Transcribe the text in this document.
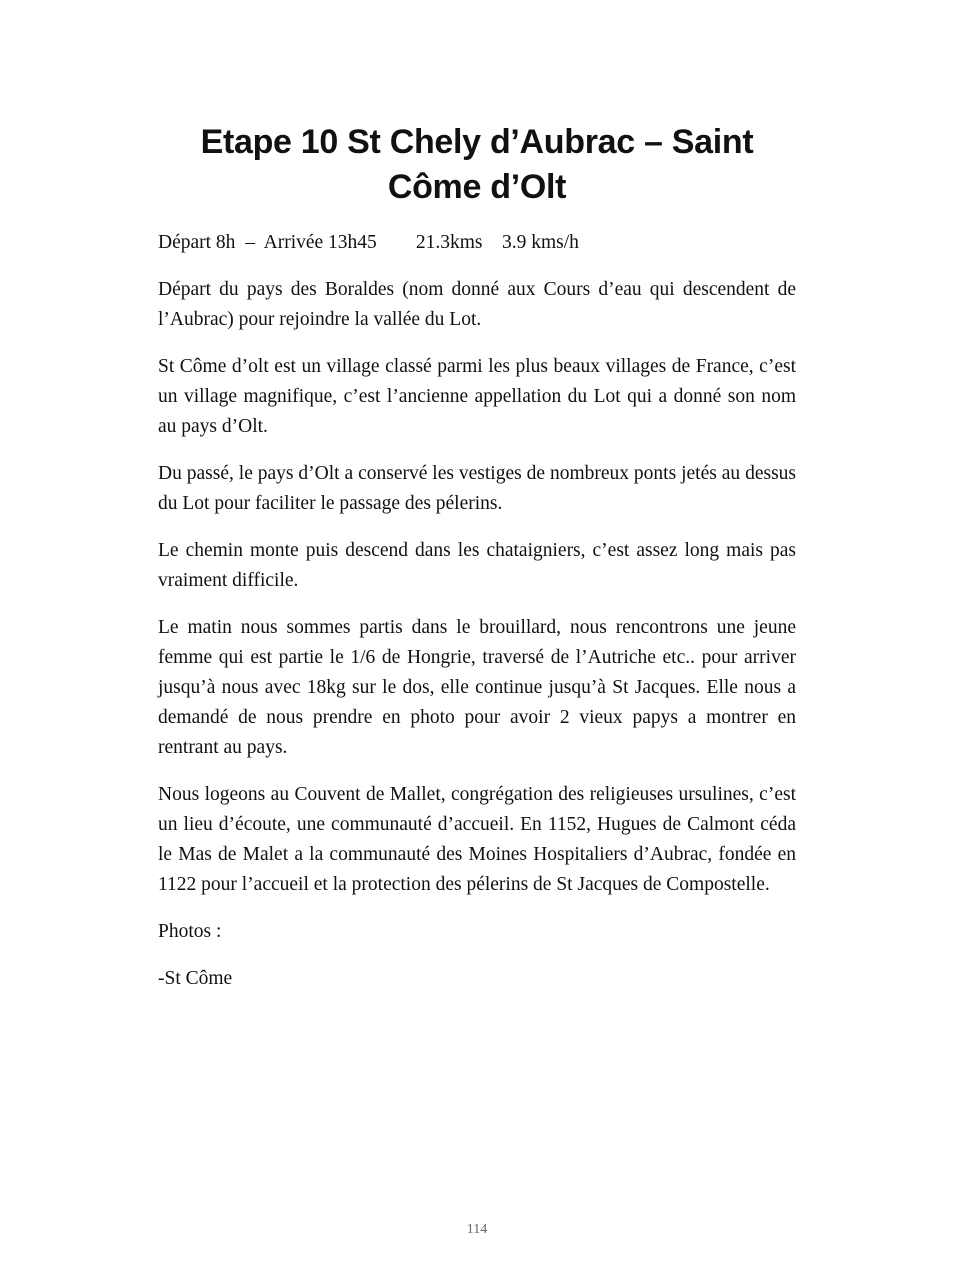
Etape 10 St Chely d’Aubrac – Saint
Côme d’Olt
Départ 8h – Arrivée 13h45 21.3kms 3.9 kms/h

Départ du pays des Boraldes (nom donné aux Cours d’eau qui descendent de l’Aubrac) pour rejoindre la vallée du Lot.

St Côme d’olt est un village classé parmi les plus beaux villages de France, c’est un village magnifique, c’est l’ancienne appellation du Lot qui a donné son nom au pays d’Olt.

Du passé, le pays d’Olt a conservé les vestiges de nombreux ponts jetés au dessus du Lot pour faciliter le passage des pélerins.

Le chemin monte puis descend dans les chataigniers, c’est assez long mais pas vraiment difficile.

Le matin nous sommes partis dans le brouillard, nous rencontrons une jeune femme qui est partie le 1/6 de Hongrie, traversé de l’Autriche etc.. pour arriver jusqu’à nous avec 18kg sur le dos, elle continue jusqu’à St Jacques. Elle nous a demandé de nous prendre en photo pour avoir 2 vieux papys a montrer en rentrant au pays.

Nous logeons au Couvent de Mallet, congrégation des religieuses ursulines, c’est un lieu d’écoute, une communauté d’accueil. En 1152, Hugues de Calmont céda le Mas de Malet a la communauté des Moines Hospitaliers d’Aubrac, fondée en 1122 pour l’accueil et la protection des pélerins de St Jacques de Compostelle.

Photos :

-St Côme

114
